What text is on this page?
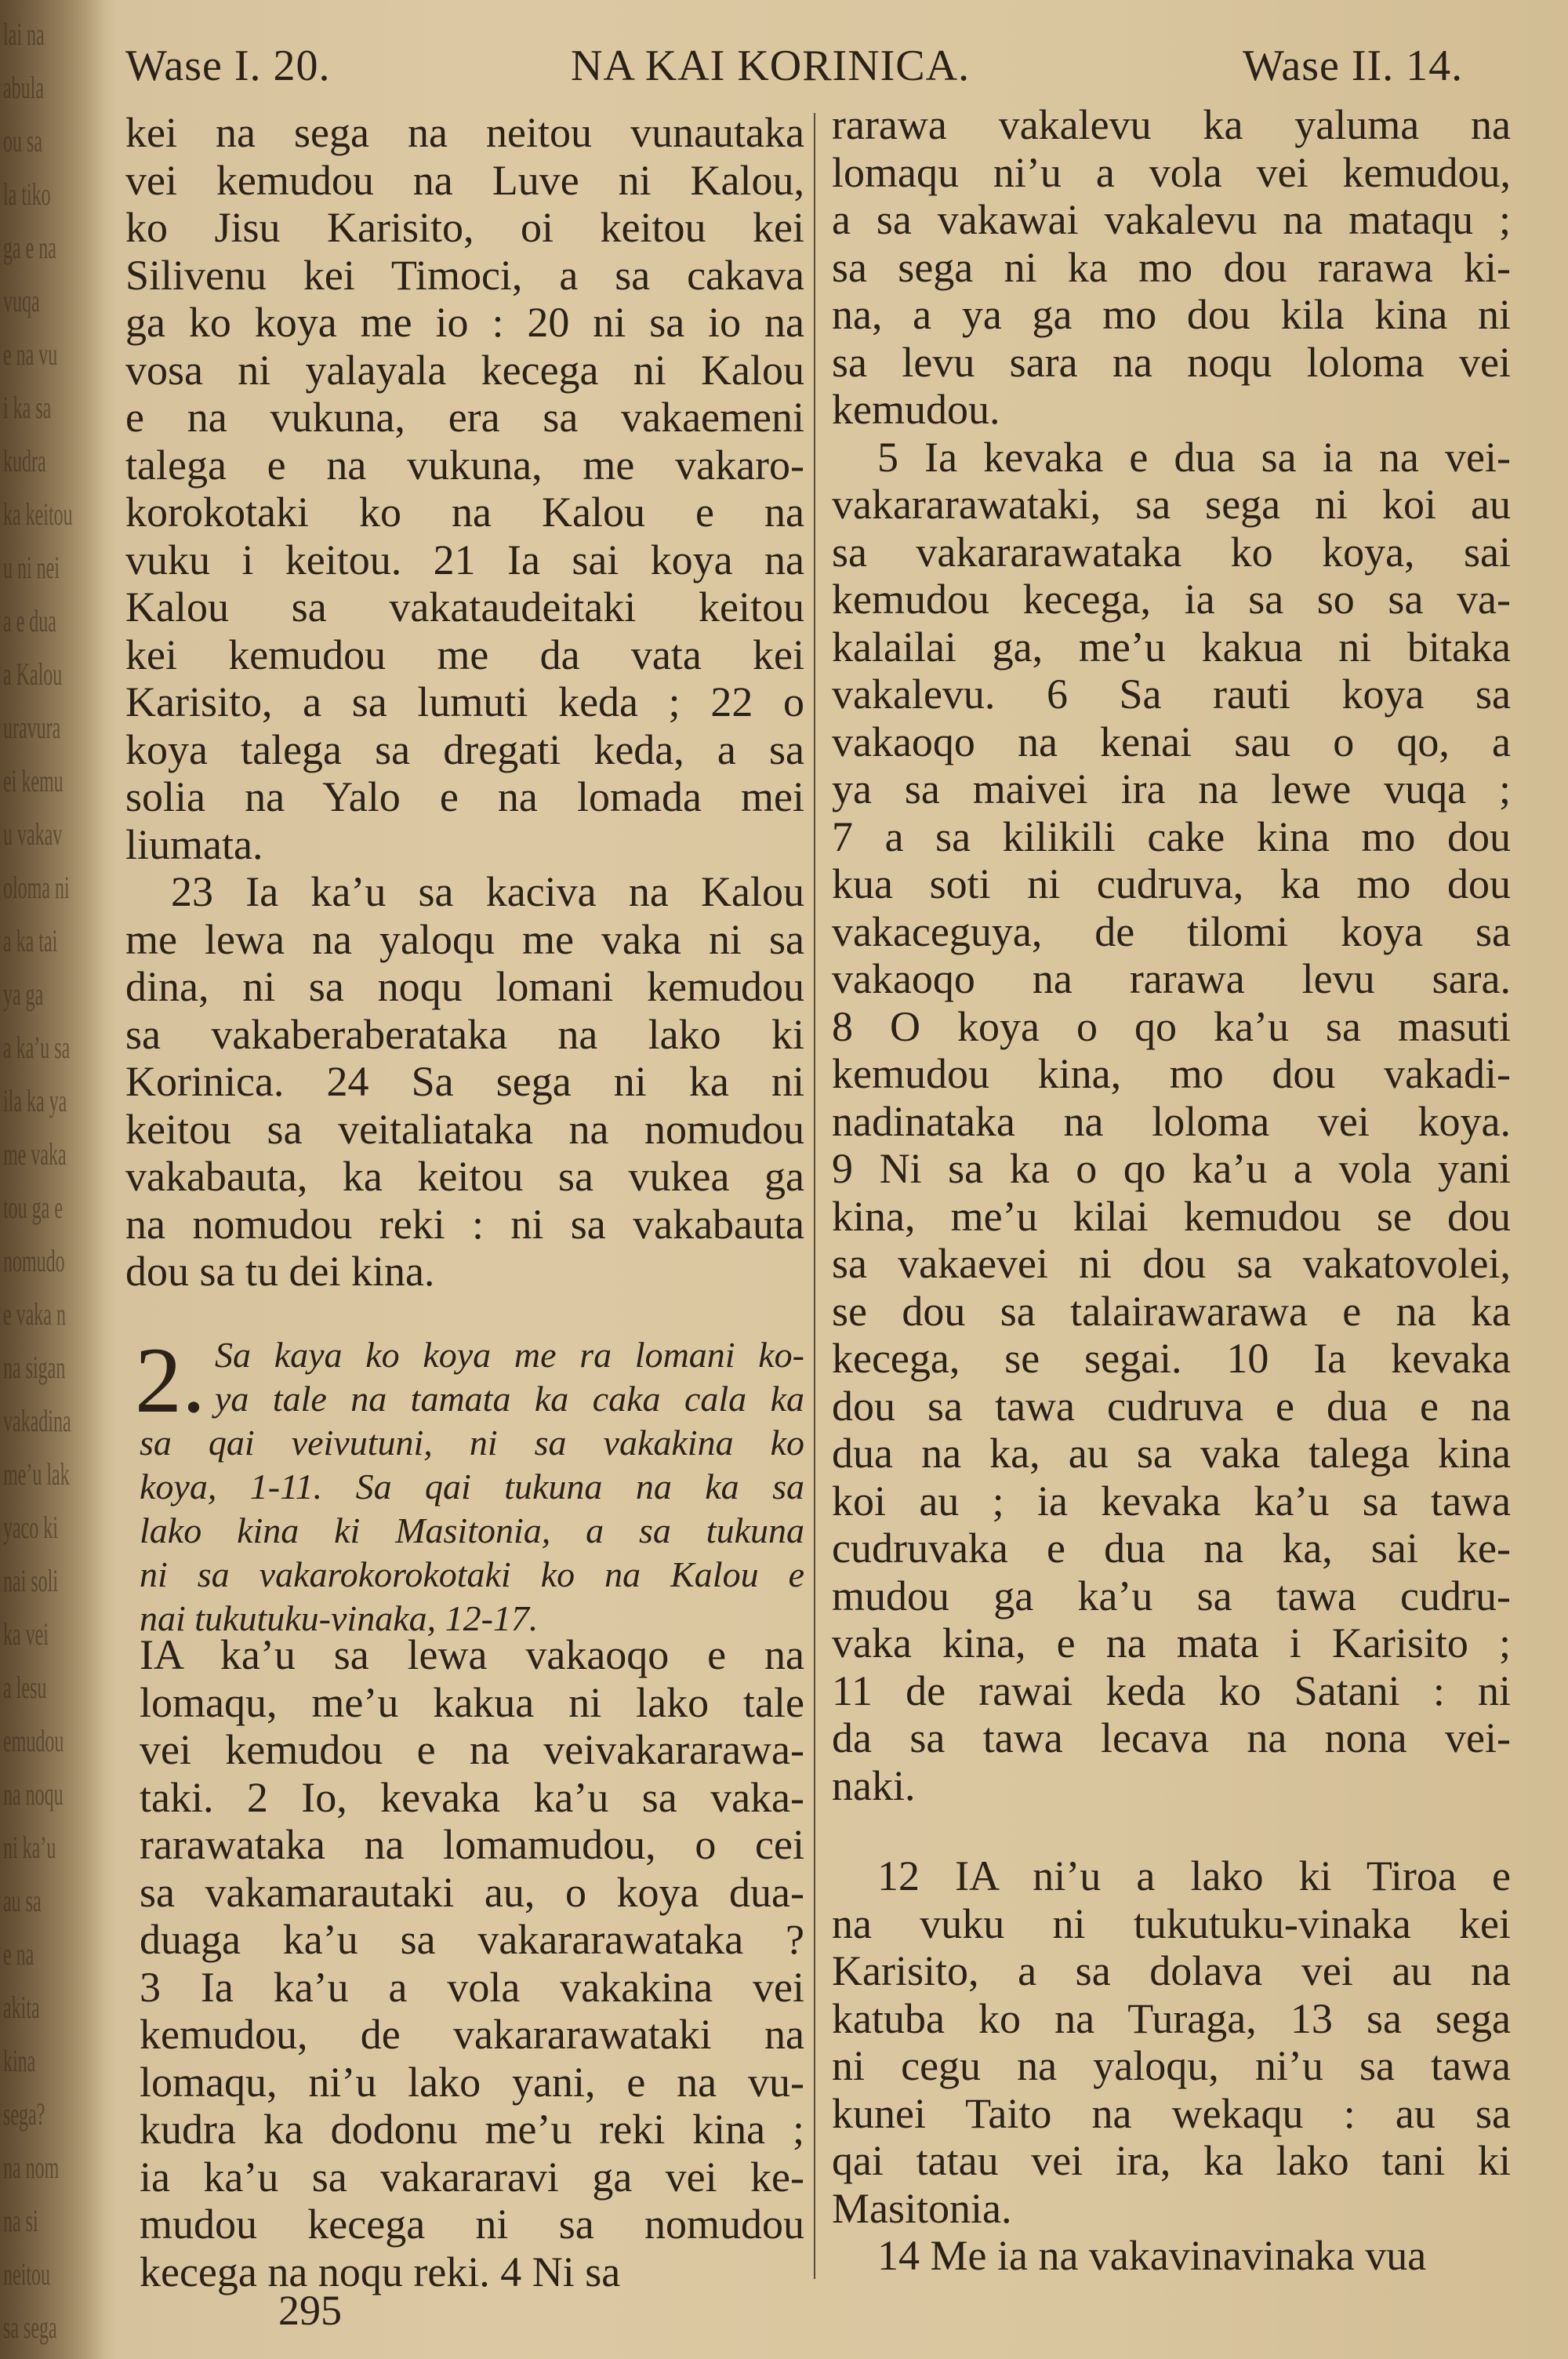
lai na
abula
ou sa
la tiko
ga e na
vuqa
e na vu
i ka sa
kudra
ka keitou
u ni nei
a e dua
a Kalou
uravura
ei kemu
u vakav
oloma ni
a ka tai
ya ga
a ka’u sa
ila ka ya
me vaka
tou ga e
nomudo
e vaka n
na sigan
vakadina
me’u lak
yaco ki
nai soli
ka vei
a lesu
emudou
na noqu
ni ka’u
au sa
e na
akita
kina
sega?
na nom
na si
neitou
sa sega
Wase I. 20.	NA KAI KORINICA.	Wase II. 14.
kei na sega na neitou vunautaka
vei kemudou na Luve ni Kalou,
ko Jisu Karisito, oi keitou kei
Silivenu kei Timoci, a sa cakava
ga ko koya me io : 20 ni sa io na
vosa ni yalayala kecega ni Kalou
e na vukuna, era sa vakaemeni
talega e na vukuna, me vakaro-
korokotaki ko na Kalou e na
vuku i keitou. 21 Ia sai koya na
Kalou sa vakataudeitaki keitou
kei kemudou me da vata kei
Karisito, a sa lumuti keda ; 22 o
koya talega sa dregati keda, a sa
solia na Yalo e na lomada mei
liumata.
23 Ia ka’u sa kaciva na Kalou
me lewa na yaloqu me vaka ni sa
dina, ni sa noqu lomani kemudou
sa vakaberaberataka na lako ki
Korinica. 24 Sa sega ni ka ni
keitou sa veitaliataka na nomudou
vakabauta, ka keitou sa vukea ga
na nomudou reki : ni sa vakabauta
dou sa tu dei kina.
2. Sa kaya ko koya me ra lomani ko-
ya tale na tamata ka caka cala ka
sa qai veivutuni, ni sa vakakina ko
koya, 1-11. Sa qai tukuna na ka sa
lako kina ki Masitonia, a sa tukuna
ni sa vakarokorokotaki ko na Kalou e
nai tukutuku-vinaka, 12-17.
IA ka’u sa lewa vakaoqo e na
lomaqu, me’u kakua ni lako tale
vei kemudou e na veivakararawa-
taki. 2 Io, kevaka ka’u sa vaka-
rarawataka na lomamudou, o cei
sa vakamarautaki au, o koya dua-
duaga ka’u sa vakararawataka ?
3 Ia ka’u a vola vakakina vei
kemudou, de vakararawataki na
lomaqu, ni’u lako yani, e na vu-
kudra ka dodonu me’u reki kina ;
ia ka’u sa vakararavi ga vei ke-
mudou kecega ni sa nomudou
kecega na noqu reki. 4 Ni sa
295
rarawa vakalevu ka yaluma na
lomaqu ni’u a vola vei kemudou,
a sa vakawai vakalevu na mataqu ;
sa sega ni ka mo dou rarawa ki-
na, a ya ga mo dou kila kina ni
sa levu sara na noqu loloma vei
kemudou.
5 Ia kevaka e dua sa ia na vei-
vakararawataki, sa sega ni koi au
sa vakararawataka ko koya, sai
kemudou kecega, ia sa so sa va-
kalailai ga, me’u kakua ni bitaka
vakalevu. 6 Sa rauti koya sa
vakaoqo na kenai sau o qo, a
ya sa maivei ira na lewe vuqa ;
7 a sa kilikili cake kina mo dou
kua soti ni cudruva, ka mo dou
vakaceguya, de tilomi koya sa
vakaoqo na rarawa levu sara.
8 O koya o qo ka’u sa masuti
kemudou kina, mo dou vakadi-
nadinataka na loloma vei koya.
9 Ni sa ka o qo ka’u a vola yani
kina, me’u kilai kemudou se dou
sa vakaevei ni dou sa vakatovolei,
se dou sa talairawarawa e na ka
kecega, se segai. 10 Ia kevaka
dou sa tawa cudruva e dua e na
dua na ka, au sa vaka talega kina
koi au ; ia kevaka ka’u sa tawa
cudruvaka e dua na ka, sai ke-
mudou ga ka’u sa tawa cudru-
vaka kina, e na mata i Karisito ;
11 de rawai keda ko Satani : ni
da sa tawa lecava na nona vei-
naki.
12 IA ni’u a lako ki Tiroa e
na vuku ni tukutuku-vinaka kei
Karisito, a sa dolava vei au na
katuba ko na Turaga, 13 sa sega
ni cegu na yaloqu, ni’u sa tawa
kunei Taito na wekaqu : au sa
qai tatau vei ira, ka lako tani ki
Masitonia.
14 Me ia na vakavinavinaka vua
